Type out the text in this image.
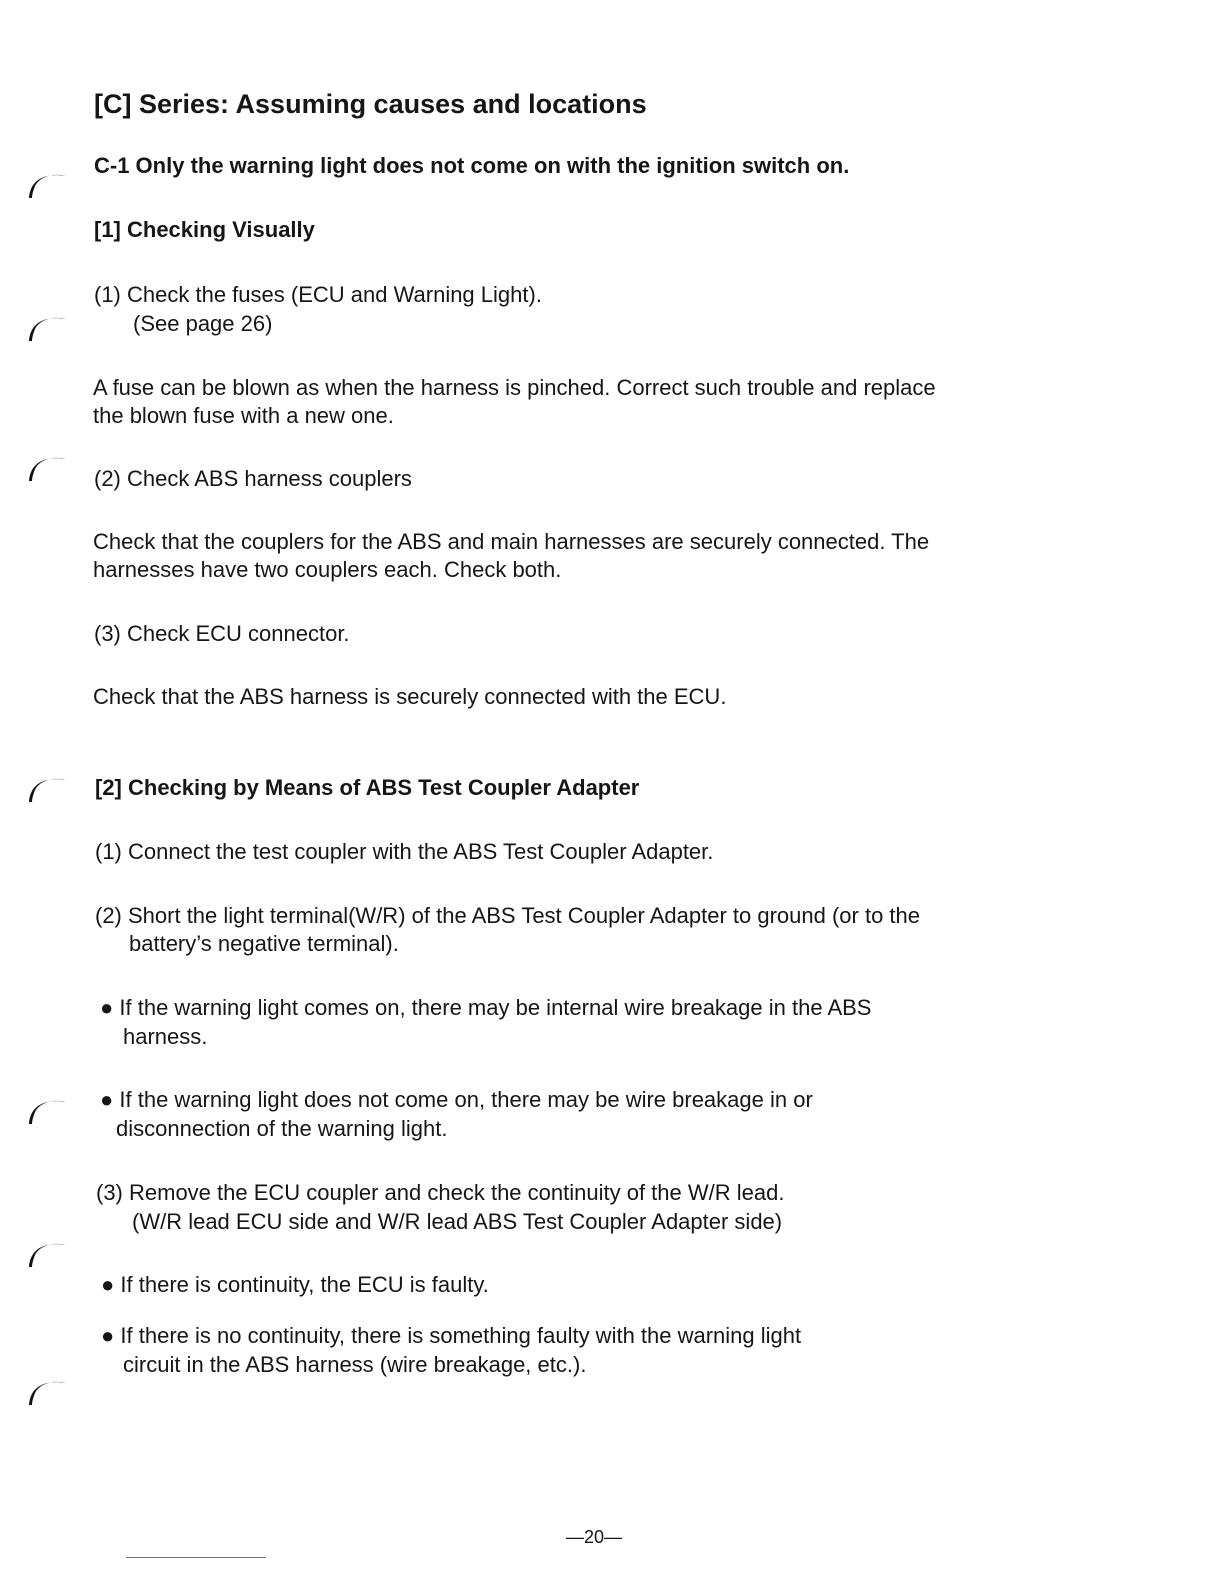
[C] Series: Assuming causes and locations
C-1 Only the warning light does not come on with the ignition switch on.
[1] Checking Visually
(1) Check the fuses (ECU and Warning Light).
(See page 26)
A fuse can be blown as when the harness is pinched. Correct such trouble and replace
the blown fuse with a new one.
(2) Check ABS harness couplers
Check that the couplers for the ABS and main harnesses are securely connected. The
harnesses have two couplers each. Check both.
(3) Check ECU connector.
Check that the ABS harness is securely connected with the ECU.
[2] Checking by Means of ABS Test Coupler Adapter
(1) Connect the test coupler with the ABS Test Coupler Adapter.
(2) Short the light terminal(W/R) of the ABS Test Coupler Adapter to ground (or to the
battery’s negative terminal).
● If the warning light comes on, there may be internal wire breakage in the ABS
harness.
● If the warning light does not come on, there may be wire breakage in or
disconnection of the warning light.
(3) Remove the ECU coupler and check the continuity of the W/R lead.
(W/R lead ECU side and W/R lead ABS Test Coupler Adapter side)
● If there is continuity, the ECU is faulty.
● If there is no continuity, there is something faulty with the warning light
circuit in the ABS harness (wire breakage, etc.).
—20—
